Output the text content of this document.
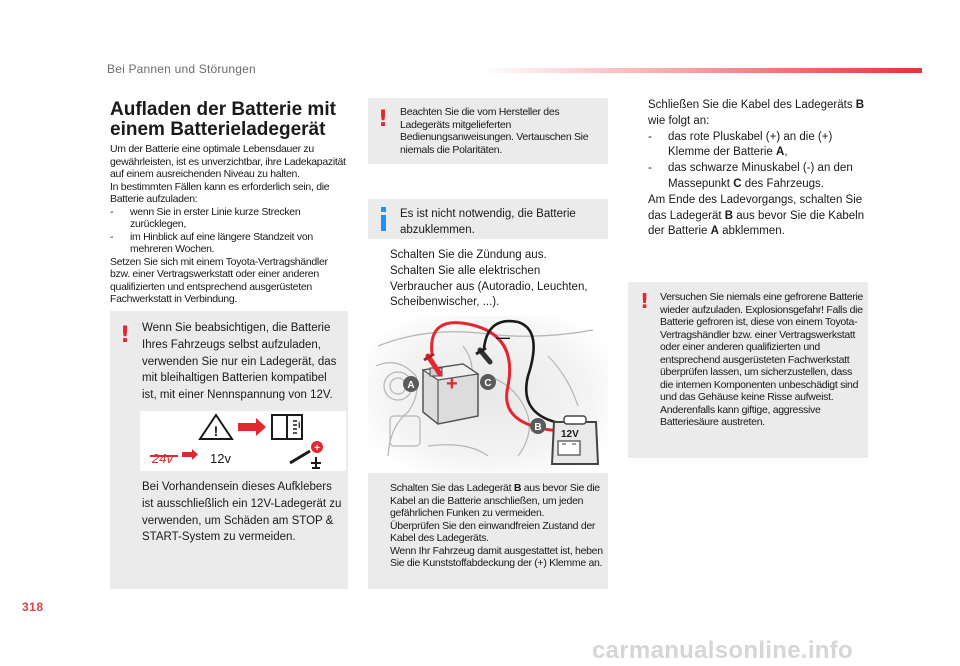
Bei Pannen und Störungen
Aufladen der Batterie mit
einem Batterieladegerät

Um der Batterie eine optimale Lebensdauer zu gewährleisten, ist es unverzichtbar, ihre Ladekapazität auf einem ausreichenden Niveau zu halten.

In bestimmten Fällen kann es erforderlich sein, die Batterie aufzuladen:

- wenn Sie in erster Linie kurze Strecken zurücklegen,
- im Hinblick auf eine längere Standzeit von mehreren Wochen.

Setzen Sie sich mit einem Toyota-Vertragshändler bzw. einer Vertragswerkstatt oder einer anderen qualifizierten und entsprechend ausgerüsteten Fachwerkstatt in Verbindung.

! Wenn Sie beabsichtigen, die Batterie Ihres Fahrzeugs selbst aufzuladen, verwenden Sie nur ein Ladegerät, das mit bleihaltigen Batterien kompatibel ist, mit einer Nennspannung von 12V.
!	i
24v	12v
+
Bei Vorhandensein dieses Aufklebers ist ausschließlich ein 12V-Ladegerät zu verwenden, um Schäden am STOP & START-System zu vermeiden.
! Beachten Sie die vom Hersteller des Ladegeräts mitgelieferten Bedienungsanweisungen. Vertauschen Sie niemals die Polaritäten.
Es ist nicht notwendig, die Batterie abzuklemmen.
Schalten Sie die Zündung aus.
Schalten Sie alle elektrischen Verbraucher aus (Autoradio, Leuchten, Scheibenwischer, ...).
+
—
12V
A	C
B
Schalten Sie das Ladegerät B aus bevor Sie die Kabel an die Batterie anschließen, um jeden gefährlichen Funken zu vermeiden.
Überprüfen Sie den einwandfreien Zustand der Kabel des Ladegeräts.
Wenn Ihr Fahrzeug damit ausgestattet ist, heben Sie die Kunststoffabdeckung der (+) Klemme an.
Schließen Sie die Kabel des Ladegeräts B wie folgt an:
- das rote Pluskabel (+) an die (+) Klemme der Batterie A,
- das schwarze Minuskabel (-) an den Massepunkt C des Fahrzeugs.
Am Ende des Ladevorgangs, schalten Sie das Ladegerät B aus bevor Sie die Kabeln der Batterie A abklemmen.
! Versuchen Sie niemals eine gefrorene Batterie wieder aufzuladen. Explosionsgefahr! Falls die Batterie gefroren ist, diese von einem Toyota-Vertragshändler bzw. einer Vertragswerkstatt oder einer anderen qualifizierten und entsprechend ausgerüsteten Fachwerkstatt überprüfen lassen, um sicherzustellen, dass die internen Komponenten unbeschädigt sind und das Gehäuse keine Risse aufweist. Anderenfalls kann giftige, aggressive Batteriesäure austreten.
318
carmanualsonline.info
